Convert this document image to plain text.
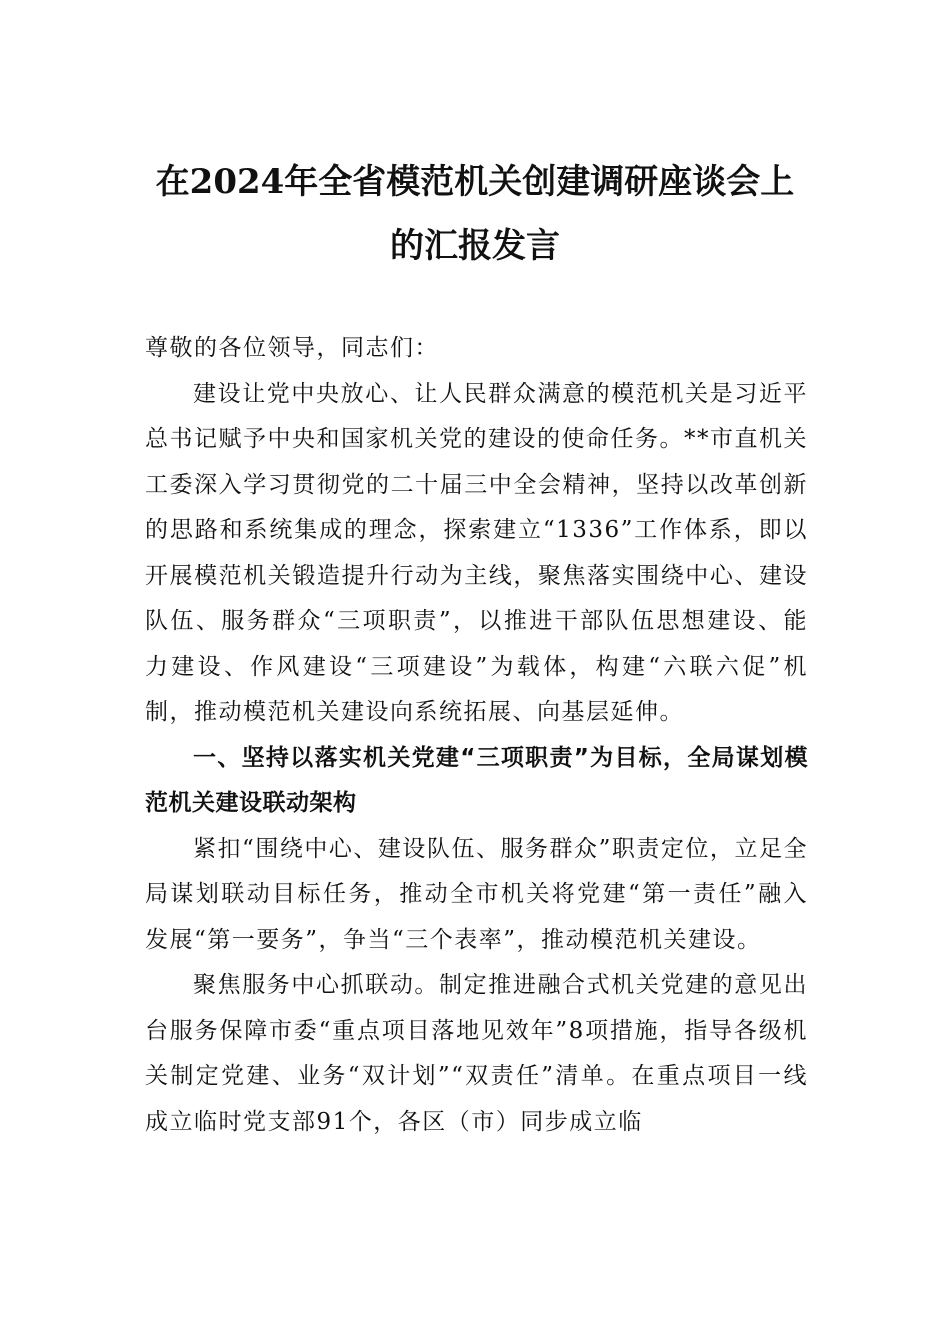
在2024年全省模范机关创建调研座谈会上的汇报发言

尊敬的各位领导，同志们：

建设让党中央放心、让人民群众满意的模范机关是习近平总书记赋予中央和国家机关党的建设的使命任务。**市直机关工委深入学习贯彻党的二十届三中全会精神，坚持以改革创新的思路和系统集成的理念，探索建立“1336”工作体系，即以开展模范机关锻造提升行动为主线，聚焦落实围绕中心、建设队伍、服务群众“三项职责”，以推进干部队伍思想建设、能力建设、作风建设“三项建设”为载体，构建“六联六促”机制，推动模范机关建设向系统拓展、向基层延伸。

一、坚持以落实机关党建“三项职责”为目标，全局谋划模范机关建设联动架构

紧扣“围绕中心、建设队伍、服务群众”职责定位，立足全局谋划联动目标任务，推动全市机关将党建“第一责任”融入发展“第一要务”，争当“三个表率”，推动模范机关建设。

聚焦服务中心抓联动。制定推进融合式机关党建的意见出台服务保障市委“重点项目落地见效年”8项措施，指导各级机关制定党建、业务“双计划”“双责任”清单。在重点项目一线成立临时党支部91个，各区（市）同步成立临
